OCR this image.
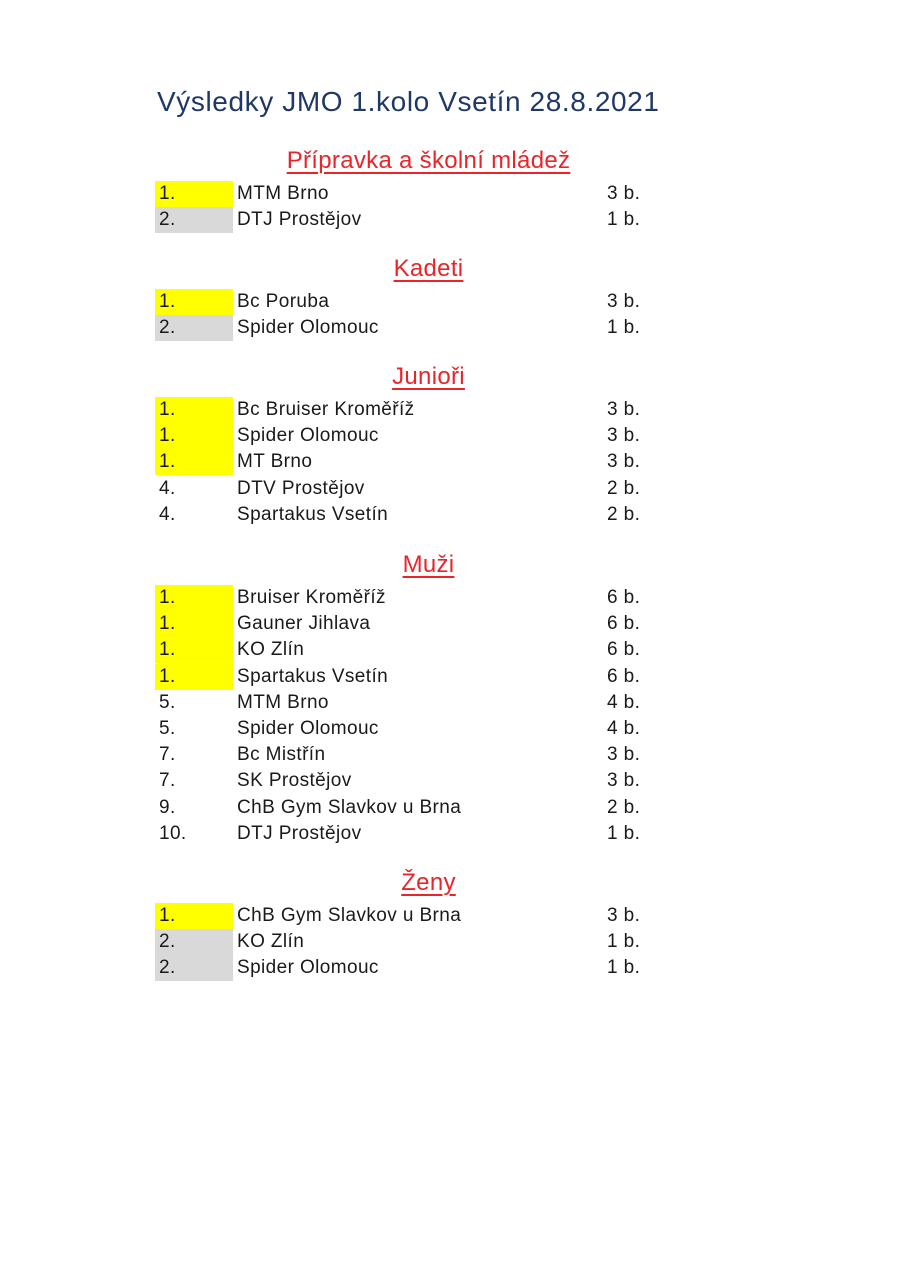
Výsledky JMO 1.kolo Vsetín 28.8.2021
Přípravka a školní mládež
1.	MTM Brno	3 b.
2.	DTJ Prostějov	1 b.
Kadeti
1.	Bc Poruba	3 b.
2.	Spider Olomouc	1 b.
Junioři
1.	Bc Bruiser Kroměříž	3 b.
1.	Spider Olomouc	3 b.
1.	MT Brno	3 b.
4.	DTV Prostějov	2 b.
4.	Spartakus Vsetín	2 b.
Muži
1.	Bruiser Kroměříž	6 b.
1.	Gauner Jihlava	6 b.
1.	KO Zlín	6 b.
1.	Spartakus Vsetín	6 b.
5.	MTM Brno	4 b.
5.	Spider Olomouc	4 b.
7.	Bc Mistřín	3 b.
7.	SK Prostějov	3 b.
9.	ChB Gym Slavkov u Brna	2 b.
10.	DTJ Prostějov	1 b.
Ženy
1.	ChB Gym Slavkov u Brna	3 b.
2.	KO Zlín	1 b.
2.	Spider Olomouc	1 b.
